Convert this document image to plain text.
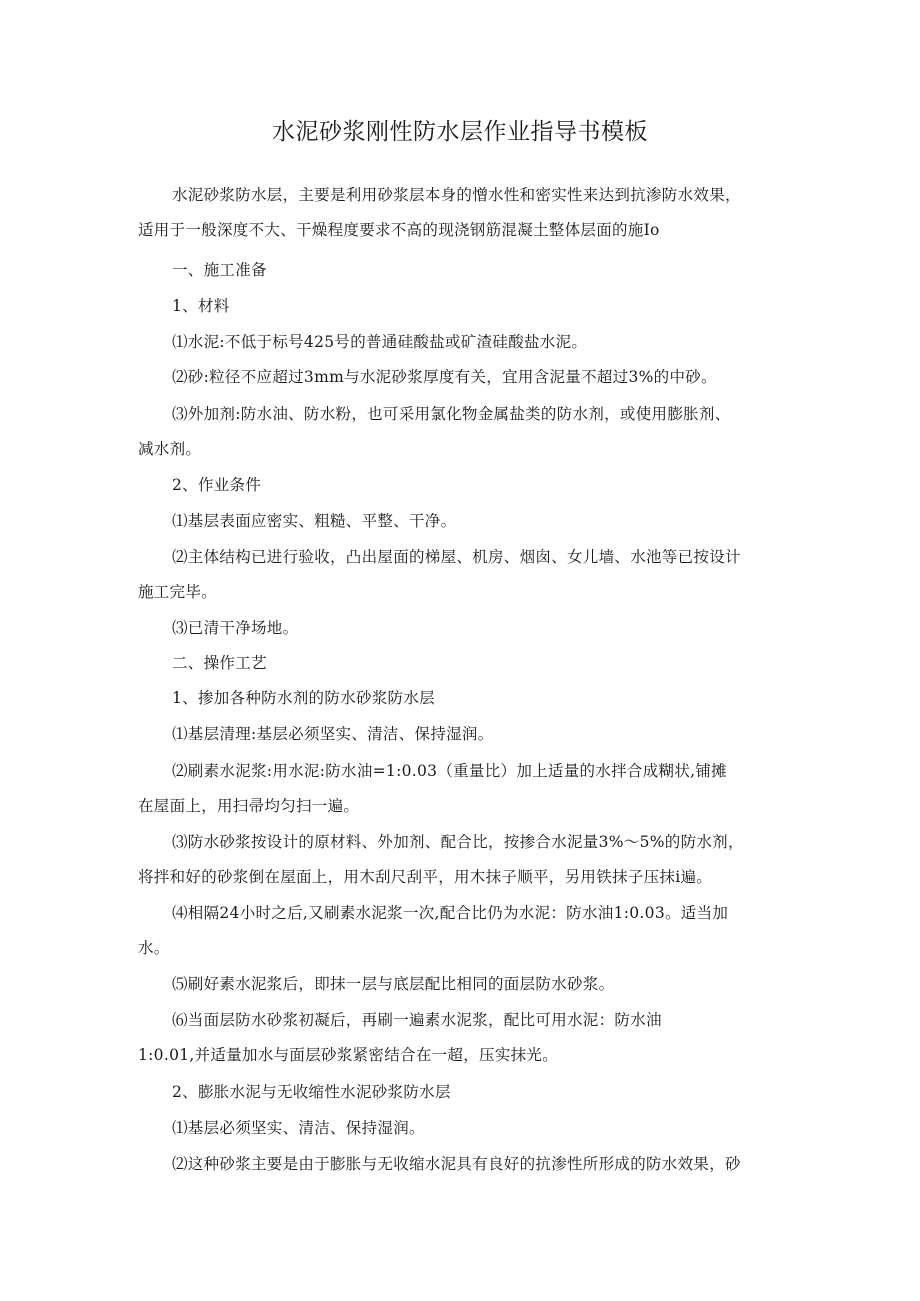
水泥砂浆刚性防水层作业指导书模板
水泥砂浆防水层，主要是利用砂浆层本身的憎水性和密实性来达到抗渗防水效果，
适用于一般深度不大、干燥程度要求不高的现浇钢筋混凝土整体层面的施Io
一、施工准备
1、材料
⑴水泥:不低于标号425号的普通硅酸盐或矿渣硅酸盐水泥。
⑵砂:粒径不应超过3mm与水泥砂浆厚度有关，宜用含泥量不超过3%的中砂。
⑶外加剂:防水油、防水粉，也可采用氯化物金属盐类的防水剂，或使用膨胀剂、
减水剂。
2、作业条件
⑴基层表面应密实、粗糙、平整、干净。
⑵主体结构已进行验收，凸出屋面的梯屋、机房、烟囱、女儿墙、水池等已按设计
施工完毕。
⑶已清干净场地。
二、操作工艺
1、掺加各种防水剂的防水砂浆防水层
⑴基层清理:基层必须坚实、清洁、保持湿润。
⑵刷素水泥浆:用水泥:防水油=1:0.03（重量比）加上适量的水拌合成糊状,铺摊
在屋面上，用扫帚均匀扫一遍。
⑶防水砂浆按设计的原材料、外加剂、配合比，按掺合水泥量3%～5%的防水剂，
将拌和好的砂浆倒在屋面上，用木刮尺刮平，用木抹子顺平，另用铁抹子压抹i遍。
⑷相隔24小时之后,又刷素水泥浆一次,配合比仍为水泥：防水油1:0.03。适当加
水。
⑸刷好素水泥浆后，即抹一层与底层配比相同的面层防水砂浆。
⑹当面层防水砂浆初凝后，再刷一遍素水泥浆，配比可用水泥：防水油
1:0.01,并适量加水与面层砂浆紧密结合在一超，压实抹光。
2、膨胀水泥与无收缩性水泥砂浆防水层
⑴基层必须坚实、清洁、保持湿润。
⑵这种砂浆主要是由于膨胀与无收缩水泥具有良好的抗渗性所形成的防水效果，砂
